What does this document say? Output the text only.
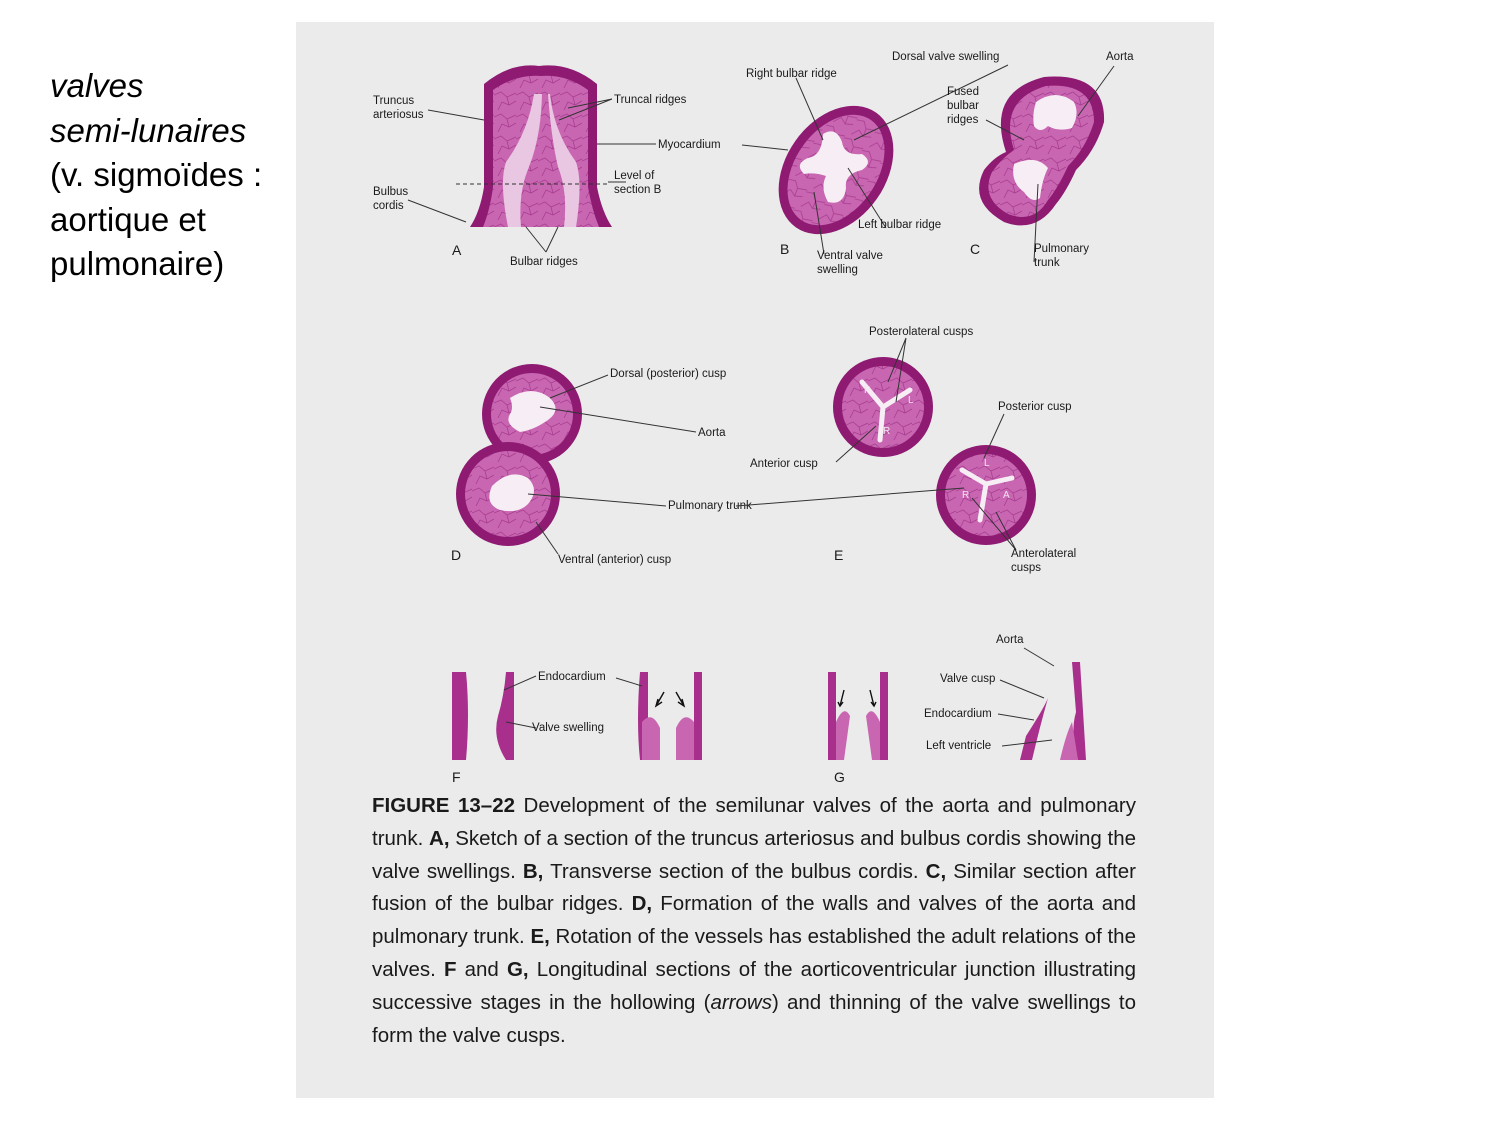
valves
semi-lunaires
(v. sigmoïdes :
aortique et
pulmonaire)
Truncus arteriosus
Truncal ridges
Myocardium
Level of section B
Bulbus cordis
Bulbar ridges
A
Right bulbar ridge
Dorsal valve swelling
Left bulbar ridge
Ventral valve swelling
B
Aorta
Fused bulbar ridges
Pulmonary trunk
C
Dorsal (posterior) cusp
Aorta
Pulmonary trunk
Ventral (anterior) cusp
D
P
L
R
L
R	A
Posterolateral cusps
Anterior cusp
Posterior cusp
Anterolateral cusps
E
Endocardium
Valve swelling
F
Aorta
Valve cusp
Endocardium
Left ventricle
G
FIGURE 13–22 Development of the semilunar valves of the aorta and pulmonary trunk. A, Sketch of a section of the truncus arteriosus and bulbus cordis showing the valve swellings. B, Transverse section of the bulbus cordis. C, Similar section after fusion of the bulbar ridges. D, Formation of the walls and valves of the aorta and pulmonary trunk. E, Rotation of the vessels has established the adult relations of the valves. F and G, Longitudinal sections of the aorticoventricular junction illustrating successive stages in the hollowing (arrows) and thinning of the valve swellings to form the valve cusps.
